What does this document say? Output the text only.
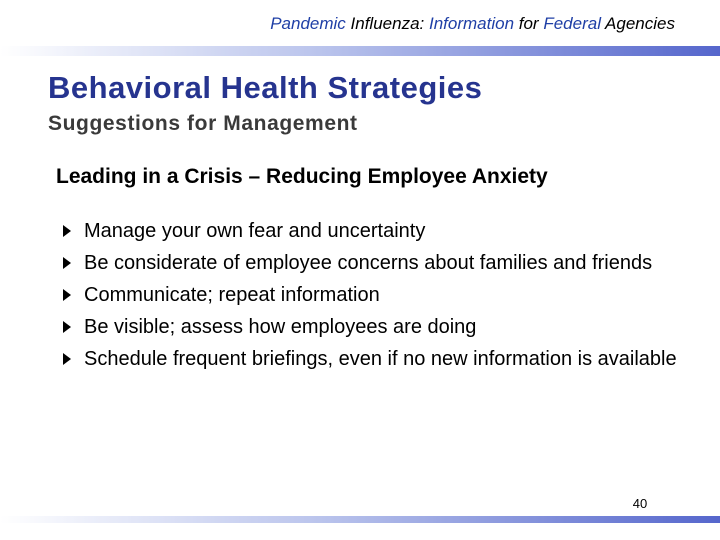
Pandemic Influenza: Information for Federal Agencies
Behavioral Health Strategies
Suggestions for Management
Leading in a Crisis – Reducing Employee Anxiety
Manage your own fear and uncertainty
Be considerate of employee concerns about families and friends
Communicate; repeat information
Be visible; assess how employees are doing
Schedule frequent briefings, even if no new information is available
40
